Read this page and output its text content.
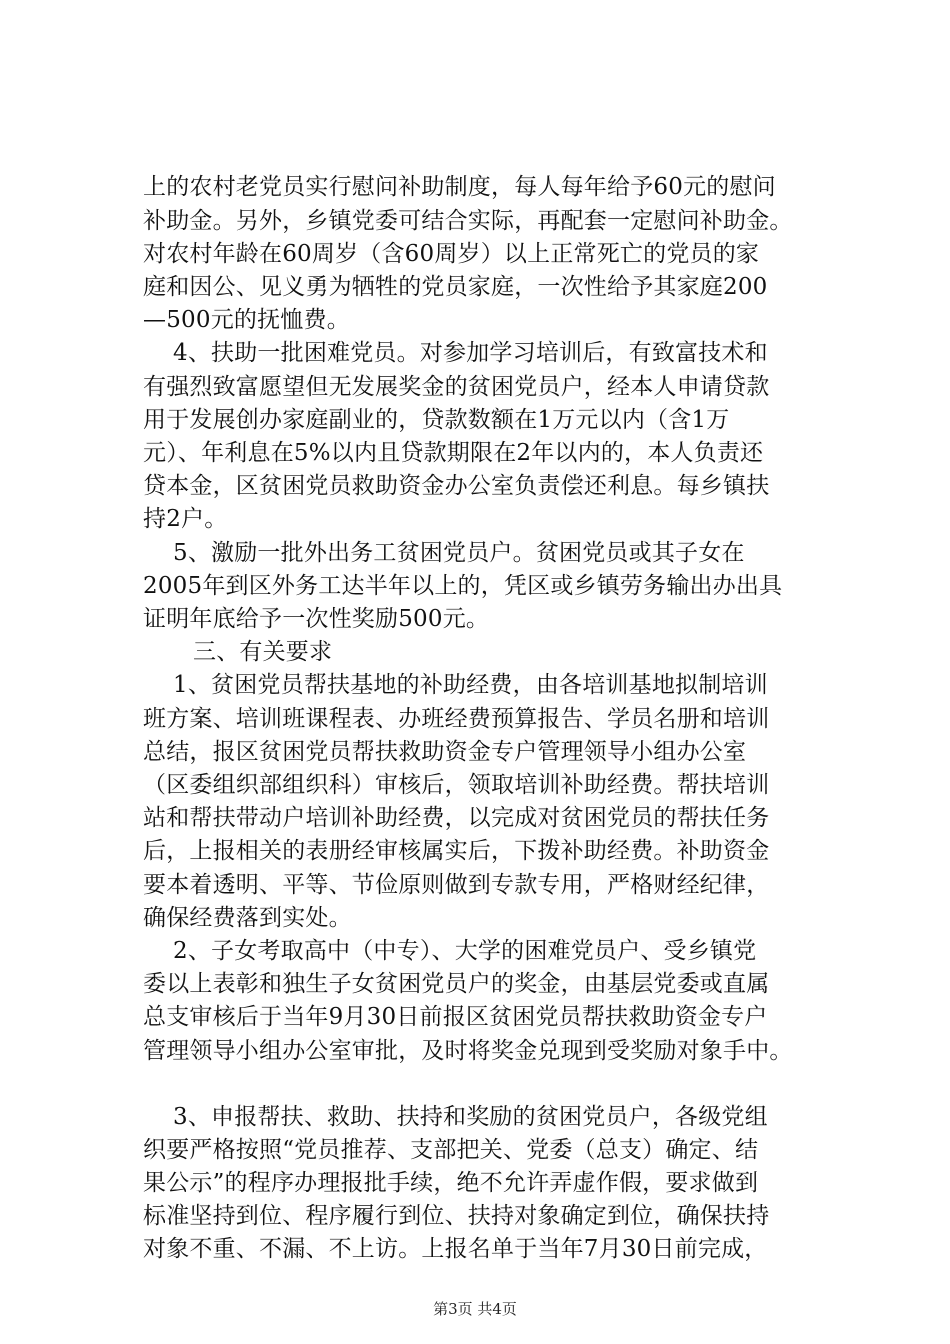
上的农村老党员实行慰问补助制度，每人每年给予60元的慰问
补助金。另外，乡镇党委可结合实际，再配套一定慰问补助金。
对农村年龄在60周岁（含60周岁）以上正常死亡的党员的家
庭和因公、见义勇为牺牲的党员家庭，一次性给予其家庭200
—500元的抚恤费。
4、扶助一批困难党员。对参加学习培训后，有致富技术和
有强烈致富愿望但无发展奖金的贫困党员户，经本人申请贷款
用于发展创办家庭副业的，贷款数额在1万元以内（含1万
元）、年利息在5%以内且贷款期限在2年以内的，本人负责还
贷本金，区贫困党员救助资金办公室负责偿还利息。每乡镇扶
持2户。
5、激励一批外出务工贫困党员户。贫困党员或其子女在
2005年到区外务工达半年以上的，凭区或乡镇劳务输出办出具
证明年底给予一次性奖励500元。
三、有关要求
1、贫困党员帮扶基地的补助经费，由各培训基地拟制培训
班方案、培训班课程表、办班经费预算报告、学员名册和培训
总结，报区贫困党员帮扶救助资金专户管理领导小组办公室
（区委组织部组织科）审核后，领取培训补助经费。帮扶培训
站和帮扶带动户培训补助经费，以完成对贫困党员的帮扶任务
后，上报相关的表册经审核属实后，下拨补助经费。补助资金
要本着透明、平等、节俭原则做到专款专用，严格财经纪律，
确保经费落到实处。
2、子女考取高中（中专）、大学的困难党员户、受乡镇党
委以上表彰和独生子女贫困党员户的奖金，由基层党委或直属
总支审核后于当年9月30日前报区贫困党员帮扶救助资金专户
管理领导小组办公室审批，及时将奖金兑现到受奖励对象手中。
3、申报帮扶、救助、扶持和奖励的贫困党员户，各级党组
织要严格按照“党员推荐、支部把关、党委（总支）确定、结
果公示”的程序办理报批手续，绝不允许弄虚作假，要求做到
标准坚持到位、程序履行到位、扶持对象确定到位，确保扶持
对象不重、不漏、不上访。上报名单于当年7月30日前完成，
第3页 共4页
